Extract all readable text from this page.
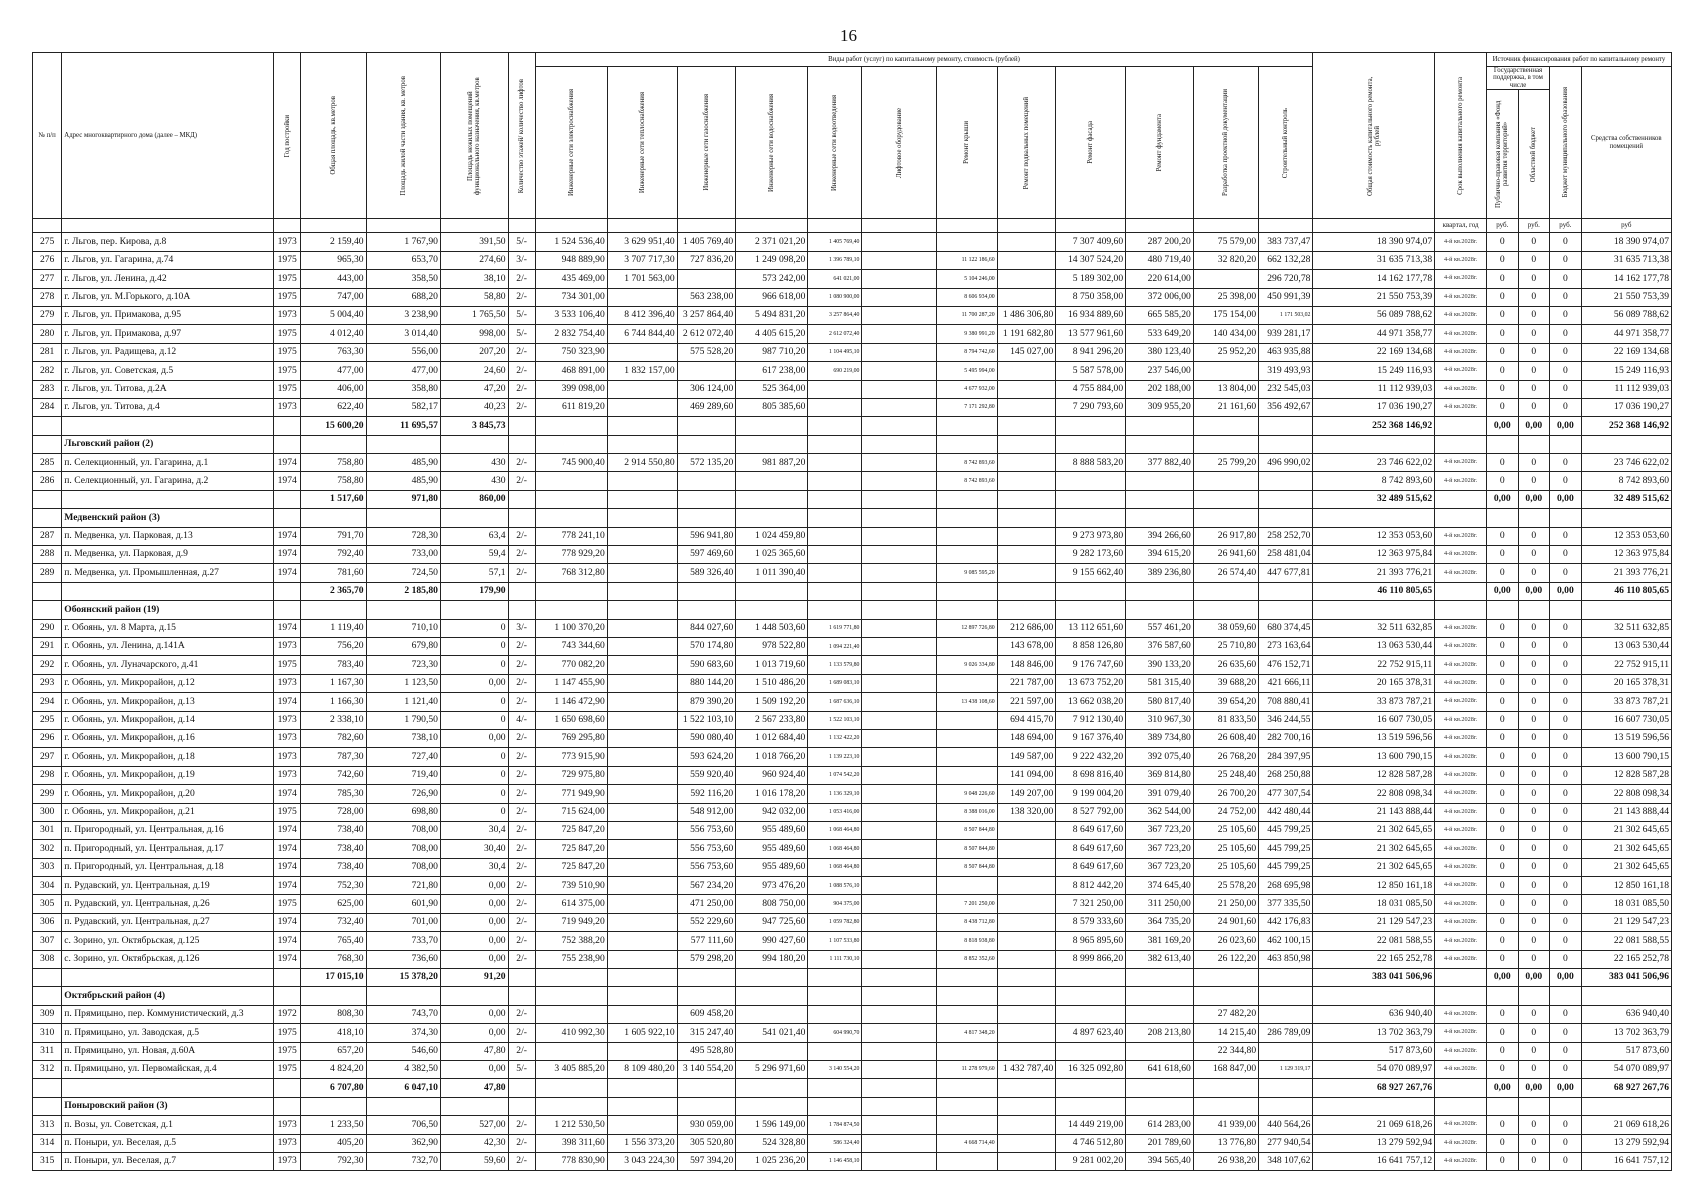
16
№ п/п	Адрес многоквартирного дома (далее – МКД)	Год постройки	Общая площадь, кв.метров	Площадь жилой части здания, кв. метров	Площадь нежилых помещений функционального назначения, кв.метров	Количество этажей/ количество лифтов	Виды работ (услуг) по капитальному ремонту, стоимость (рублей)												Общая стоимость капитального ремонта, рублей	Срок выполнения капитального ремонта	Источник финансирования работ по капитальному ремонту			

							Инженерные сети электроснабжения	Инженерные сети теплоснабжения	Инженерные сети газоснабжения	Инженерные сети водоснабжения	Инженерные сети водоотведения	Лифтовое оборудование	Ремонт крыши	Ремонт подвальных помещений	Ремонт фасада	Ремонт фундамента	Разработка проектной документации	Строительный контроль			Государственная поддержка, в том числе		Бюджет муниципального образования	Средства собственников помещений

																					Публично-правовая компания «Фонд развития территорий»	Областной бюджет		

																				квартал, год	руб.	руб.	руб.	руб
275	г. Льгов, пер. Кирова, д.8	1973	2 159,40	1 767,90	391,50	5/-	1 524 536,40	3 629 951,40	1 405 769,40	2 371 021,20	1 405 769,40				7 307 409,60	287 200,20	75 579,00	383 737,47	18 390 974,07	4-й кв.2028г.	0	0	0	18 390 974,07
276	г. Льгов, ул. Гагарина, д.74	1975	965,30	653,70	274,60	3/-	948 889,90	3 707 717,30	727 836,20	1 249 098,20	1 396 789,10		11 122 186,60		14 307 524,20	480 719,40	32 820,20	662 132,28	31 635 713,38	4-й кв.2028г.	0	0	0	31 635 713,38
277	г. Льгов, ул. Ленина, д.42	1975	443,00	358,50	38,10	2/-	435 469,00	1 701 563,00		573 242,00	641 021,00		5 104 246,00		5 189 302,00	220 614,00		296 720,78	14 162 177,78	4-й кв.2028г.	0	0	0	14 162 177,78
278	г. Льгов, ул. М.Горького, д.10А	1975	747,00	688,20	58,80	2/-	734 301,00		563 238,00	966 618,00	1 080 900,00		8 606 934,00		8 750 358,00	372 006,00	25 398,00	450 991,39	21 550 753,39	4-й кв.2028г.	0	0	0	21 550 753,39
279	г. Льгов, ул. Примакова, д.95	1973	5 004,40	3 238,90	1 765,50	5/-	3 533 106,40	8 412 396,40	3 257 864,40	5 494 831,20	3 257 864,40		11 700 287,20	1 486 306,80	16 934 889,60	665 585,20	175 154,00	1 171 503,02	56 089 788,62	4-й кв.2028г.	0	0	0	56 089 788,62
280	г. Льгов, ул. Примакова, д.97	1975	4 012,40	3 014,40	998,00	5/-	2 832 754,40	6 744 844,40	2 612 072,40	4 405 615,20	2 612 072,40		9 380 991,20	1 191 682,80	13 577 961,60	533 649,20	140 434,00	939 281,17	44 971 358,77	4-й кв.2028г.	0	0	0	44 971 358,77
281	г. Льгов, ул. Радищева, д.12	1975	763,30	556,00	207,20	2/-	750 323,90		575 528,20	987 710,20	1 104 495,10		8 794 742,60	145 027,00	8 941 296,20	380 123,40	25 952,20	463 935,88	22 169 134,68	4-й кв.2028г.	0	0	0	22 169 134,68
282	г. Льгов, ул. Советская, д.5	1975	477,00	477,00	24,60	2/-	468 891,00	1 832 157,00		617 238,00	690 219,00		5 495 994,00		5 587 578,00	237 546,00		319 493,93	15 249 116,93	4-й кв.2028г.	0	0	0	15 249 116,93
283	г. Льгов, ул. Титова, д.2А	1975	406,00	358,80	47,20	2/-	399 098,00		306 124,00	525 364,00			4 677 932,00		4 755 884,00	202 188,00	13 804,00	232 545,03	11 112 939,03	4-й кв.2028г.	0	0	0	11 112 939,03
284	г. Льгов, ул. Титова, д.4	1973	622,40	582,17	40,23	2/-	611 819,20		469 289,60	805 385,60			7 171 292,80		7 290 793,60	309 955,20	21 161,60	356 492,67	17 036 190,27	4-й кв.2028г.	0	0	0	17 036 190,27
			15 600,20	11 695,57	3 845,73														252 368 146,92		0,00	0,00	0,00	252 368 146,92
	Льговский район (2)																							
285	п. Селекционный, ул. Гагарина, д.1	1974	758,80	485,90	430	2/-	745 900,40	2 914 550,80	572 135,20	981 887,20			8 742 893,60		8 888 583,20	377 882,40	25 799,20	496 990,02	23 746 622,02	4-й кв.2028г.	0	0	0	23 746 622,02
286	п. Селекционный, ул. Гагарина, д.2	1974	758,80	485,90	430	2/-							8 742 893,60						8 742 893,60	4-й кв.2028г.	0	0	0	8 742 893,60
			1 517,60	971,80	860,00														32 489 515,62		0,00	0,00	0,00	32 489 515,62
	Медвенский район (3)																							
287	п. Медвенка, ул. Парковая, д.13	1974	791,70	728,30	63,4	2/-	778 241,10		596 941,80	1 024 459,80					9 273 973,80	394 266,60	26 917,80	258 252,70	12 353 053,60	4-й кв.2028г.	0	0	0	12 353 053,60
288	п. Медвенка, ул. Парковая, д.9	1974	792,40	733,00	59,4	2/-	778 929,20		597 469,60	1 025 365,60					9 282 173,60	394 615,20	26 941,60	258 481,04	12 363 975,84	4-й кв.2028г.	0	0	0	12 363 975,84
289	п. Медвенка, ул. Промышленная, д.27	1974	781,60	724,50	57,1	2/-	768 312,80		589 326,40	1 011 390,40			9 085 595,20		9 155 662,40	389 236,80	26 574,40	447 677,81	21 393 776,21	4-й кв.2028г.	0	0	0	21 393 776,21
			2 365,70	2 185,80	179,90														46 110 805,65		0,00	0,00	0,00	46 110 805,65
	Обоянский район (19)																							
290	г. Обоянь, ул. 8 Марта, д.15	1974	1 119,40	710,10	0	3/-	1 100 370,20		844 027,60	1 448 503,60	1 619 771,80		12 897 726,80	212 686,00	13 112 651,60	557 461,20	38 059,60	680 374,45	32 511 632,85	4-й кв.2028г.	0	0	0	32 511 632,85
291	г. Обоянь, ул. Ленина, д.141А	1973	756,20	679,80	0	2/-	743 344,60		570 174,80	978 522,80	1 094 221,40			143 678,00	8 858 126,80	376 587,60	25 710,80	273 163,64	13 063 530,44	4-й кв.2028г.	0	0	0	13 063 530,44
292	г. Обоянь, ул. Луначарского, д.41	1975	783,40	723,30	0	2/-	770 082,20		590 683,60	1 013 719,60	1 133 579,80		9 026 334,80	148 846,00	9 176 747,60	390 133,20	26 635,60	476 152,71	22 752 915,11	4-й кв.2028г.	0	0	0	22 752 915,11
293	г. Обоянь, ул. Микрорайон, д.12	1973	1 167,30	1 123,50	0,00	2/-	1 147 455,90		880 144,20	1 510 486,20	1 689 083,10			221 787,00	13 673 752,20	581 315,40	39 688,20	421 666,11	20 165 378,31	4-й кв.2028г.	0	0	0	20 165 378,31
294	г. Обоянь, ул. Микрорайон, д.13	1974	1 166,30	1 121,40	0	2/-	1 146 472,90		879 390,20	1 509 192,20	1 687 636,10		13 438 108,60	221 597,00	13 662 038,20	580 817,40	39 654,20	708 880,41	33 873 787,21	4-й кв.2028г.	0	0	0	33 873 787,21
295	г. Обоянь, ул. Микрорайон, д.14	1973	2 338,10	1 790,50	0	4/-	1 650 698,60		1 522 103,10	2 567 233,80	1 522 103,10			694 415,70	7 912 130,40	310 967,30	81 833,50	346 244,55	16 607 730,05	4-й кв.2028г.	0	0	0	16 607 730,05
296	г. Обоянь, ул. Микрорайон, д.16	1973	782,60	738,10	0,00	2/-	769 295,80		590 080,40	1 012 684,40	1 132 422,20			148 694,00	9 167 376,40	389 734,80	26 608,40	282 700,16	13 519 596,56	4-й кв.2028г.	0	0	0	13 519 596,56
297	г. Обоянь, ул. Микрорайон, д.18	1973	787,30	727,40	0	2/-	773 915,90		593 624,20	1 018 766,20	1 139 223,10			149 587,00	9 222 432,20	392 075,40	26 768,20	284 397,95	13 600 790,15	4-й кв.2028г.	0	0	0	13 600 790,15
298	г. Обоянь, ул. Микрорайон, д.19	1973	742,60	719,40	0	2/-	729 975,80		559 920,40	960 924,40	1 074 542,20			141 094,00	8 698 816,40	369 814,80	25 248,40	268 250,88	12 828 587,28	4-й кв.2028г.	0	0	0	12 828 587,28
299	г. Обоянь, ул. Микрорайон, д.20	1974	785,30	726,90	0	2/-	771 949,90		592 116,20	1 016 178,20	1 136 329,10		9 048 226,60	149 207,00	9 199 004,20	391 079,40	26 700,20	477 307,54	22 808 098,34	4-й кв.2028г.	0	0	0	22 808 098,34
300	г. Обоянь, ул. Микрорайон, д.21	1975	728,00	698,80	0	2/-	715 624,00		548 912,00	942 032,00	1 053 416,00		8 388 016,00	138 320,00	8 527 792,00	362 544,00	24 752,00	442 480,44	21 143 888,44	4-й кв.2028г.	0	0	0	21 143 888,44
301	п. Пригородный, ул. Центральная, д.16	1974	738,40	708,00	30,4	2/-	725 847,20		556 753,60	955 489,60	1 068 464,80		8 507 844,80		8 649 617,60	367 723,20	25 105,60	445 799,25	21 302 645,65	4-й кв.2028г.	0	0	0	21 302 645,65
302	п. Пригородный, ул. Центральная, д.17	1974	738,40	708,00	30,40	2/-	725 847,20		556 753,60	955 489,60	1 068 464,80		8 507 844,80		8 649 617,60	367 723,20	25 105,60	445 799,25	21 302 645,65	4-й кв.2028г.	0	0	0	21 302 645,65
303	п. Пригородный, ул. Центральная, д.18	1974	738,40	708,00	30,4	2/-	725 847,20		556 753,60	955 489,60	1 068 464,80		8 507 844,80		8 649 617,60	367 723,20	25 105,60	445 799,25	21 302 645,65	4-й кв.2028г.	0	0	0	21 302 645,65
304	п. Рудавский, ул. Центральная, д.19	1974	752,30	721,80	0,00	2/-	739 510,90		567 234,20	973 476,20	1 088 576,10				8 812 442,20	374 645,40	25 578,20	268 695,98	12 850 161,18	4-й кв.2028г.	0	0	0	12 850 161,18
305	п. Рудавский, ул. Центральная, д.26	1975	625,00	601,90	0,00	2/-	614 375,00		471 250,00	808 750,00	904 375,00		7 201 250,00		7 321 250,00	311 250,00	21 250,00	377 335,50	18 031 085,50	4-й кв.2028г.	0	0	0	18 031 085,50
306	п. Рудавский, ул. Центральная, д.27	1974	732,40	701,00	0,00	2/-	719 949,20		552 229,60	947 725,60	1 059 782,80		8 438 712,80		8 579 333,60	364 735,20	24 901,60	442 176,83	21 129 547,23	4-й кв.2028г.	0	0	0	21 129 547,23
307	с. Зорино, ул. Октябрьская, д.125	1974	765,40	733,70	0,00	2/-	752 388,20		577 111,60	990 427,60	1 107 533,80		8 818 938,80		8 965 895,60	381 169,20	26 023,60	462 100,15	22 081 588,55	4-й кв.2028г.	0	0	0	22 081 588,55
308	с. Зорино, ул. Октябрьская, д.126	1974	768,30	736,60	0,00	2/-	755 238,90		579 298,20	994 180,20	1 111 730,10		8 852 352,60		8 999 866,20	382 613,40	26 122,20	463 850,98	22 165 252,78	4-й кв.2028г.	0	0	0	22 165 252,78
			17 015,10	15 378,20	91,20														383 041 506,96		0,00	0,00	0,00	383 041 506,96
	Октябрьский район (4)																							
309	п. Прямицыно, пер. Коммунистический, д.3	1972	808,30	743,70	0,00	2/-			609 458,20								27 482,20		636 940,40	4-й кв.2028г.	0	0	0	636 940,40
310	п. Прямицыно, ул. Заводская, д.5	1975	418,10	374,30	0,00	2/-	410 992,30	1 605 922,10	315 247,40	541 021,40	604 990,70		4 817 348,20		4 897 623,40	208 213,80	14 215,40	286 789,09	13 702 363,79	4-й кв.2028г.	0	0	0	13 702 363,79
311	п. Прямицыно, ул. Новая, д.60А	1975	657,20	546,60	47,80	2/-			495 528,80								22 344,80		517 873,60	4-й кв.2028г.	0	0	0	517 873,60
312	п. Прямицыно, ул. Первомайская, д.4	1975	4 824,20	4 382,50	0,00	5/-	3 405 885,20	8 109 480,20	3 140 554,20	5 296 971,60	3 140 554,20		11 278 979,60	1 432 787,40	16 325 092,80	641 618,60	168 847,00	1 129 319,17	54 070 089,97	4-й кв.2028г.	0	0	0	54 070 089,97
			6 707,80	6 047,10	47,80														68 927 267,76		0,00	0,00	0,00	68 927 267,76
	Поныровский район (3)																							
313	п. Возы, ул. Советская, д.1	1973	1 233,50	706,50	527,00	2/-	1 212 530,50		930 059,00	1 596 149,00	1 784 874,50				14 449 219,00	614 283,00	41 939,00	440 564,26	21 069 618,26	4-й кв.2028г.	0	0	0	21 069 618,26
314	п. Поныри, ул. Веселая, д.5	1973	405,20	362,90	42,30	2/-	398 311,60	1 556 373,20	305 520,80	524 328,80	586 324,40		4 668 714,40		4 746 512,80	201 789,60	13 776,80	277 940,54	13 279 592,94	4-й кв.2028г.	0	0	0	13 279 592,94
315	п. Поныри, ул. Веселая, д.7	1973	792,30	732,70	59,60	2/-	778 830,90	3 043 224,30	597 394,20	1 025 236,20	1 146 458,10				9 281 002,20	394 565,40	26 938,20	348 107,62	16 641 757,12	4-й кв.2028г.	0	0	0	16 641 757,12
